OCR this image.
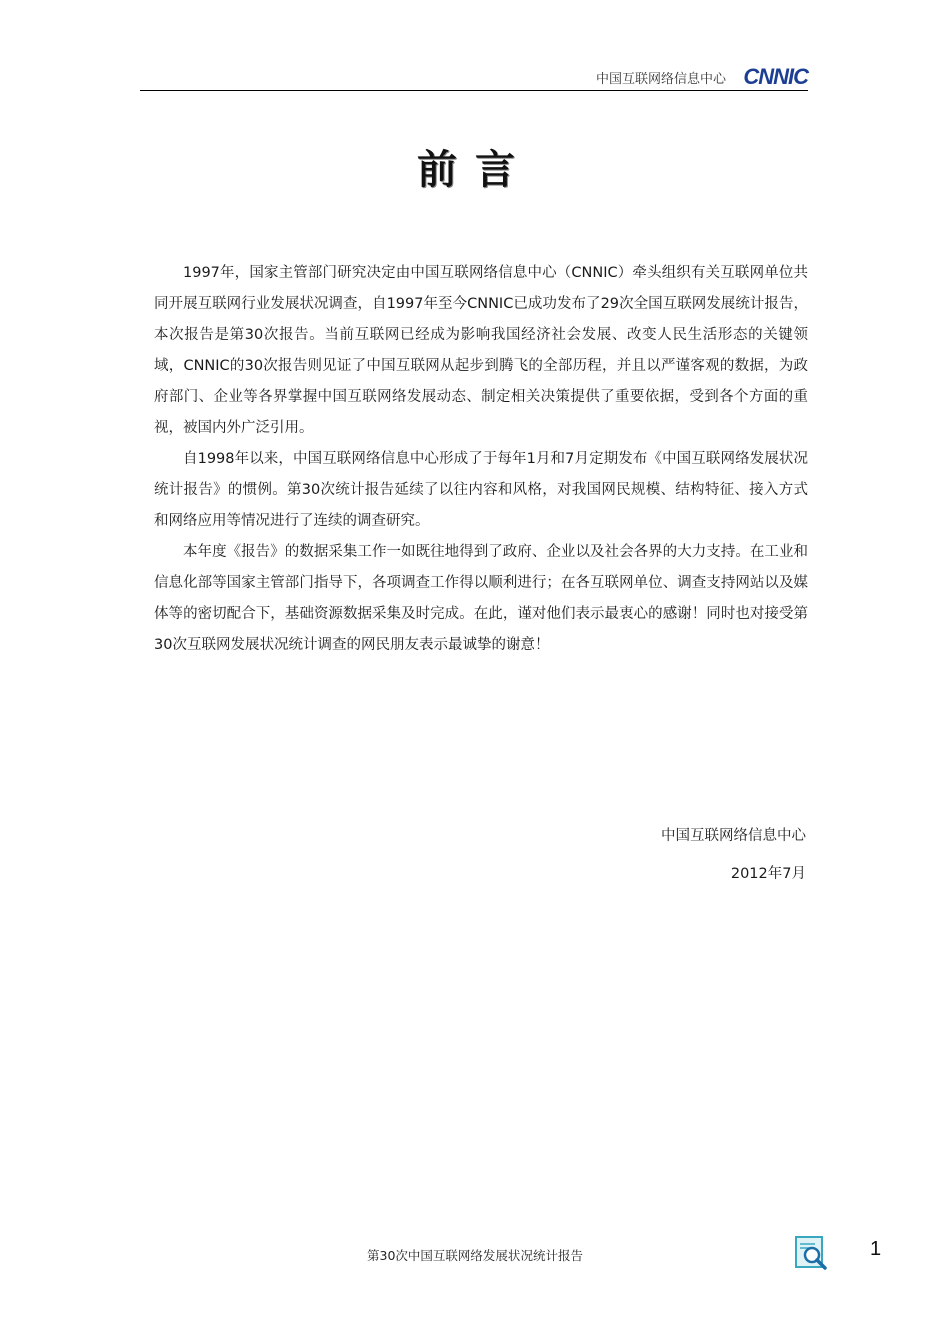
中国互联网络信息中心 CNNIC
前言

1997年，国家主管部门研究决定由中国互联网络信息中心（CNNIC）牵头组织有关互联网单位共同开展互联网行业发展状况调查，自1997年至今CNNIC已成功发布了29次全国互联网发展统计报告，本次报告是第30次报告。当前互联网已经成为影响我国经济社会发展、改变人民生活形态的关键领域，CNNIC的30次报告则见证了中国互联网从起步到腾飞的全部历程，并且以严谨客观的数据，为政府部门、企业等各界掌握中国互联网络发展动态、制定相关决策提供了重要依据，受到各个方面的重视，被国内外广泛引用。

自1998年以来，中国互联网络信息中心形成了于每年1月和7月定期发布《中国互联网络发展状况统计报告》的惯例。第30次统计报告延续了以往内容和风格，对我国网民规模、结构特征、接入方式和网络应用等情况进行了连续的调查研究。

本年度《报告》的数据采集工作一如既往地得到了政府、企业以及社会各界的大力支持。在工业和信息化部等国家主管部门指导下，各项调查工作得以顺利进行；在各互联网单位、调查支持网站以及媒体等的密切配合下，基础资源数据采集及时完成。在此，谨对他们表示最衷心的感谢！同时也对接受第30次互联网发展状况统计调查的网民朋友表示最诚挚的谢意！

中国互联网络信息中心
2012年7月
第30次中国互联网络发展状况统计报告	1
